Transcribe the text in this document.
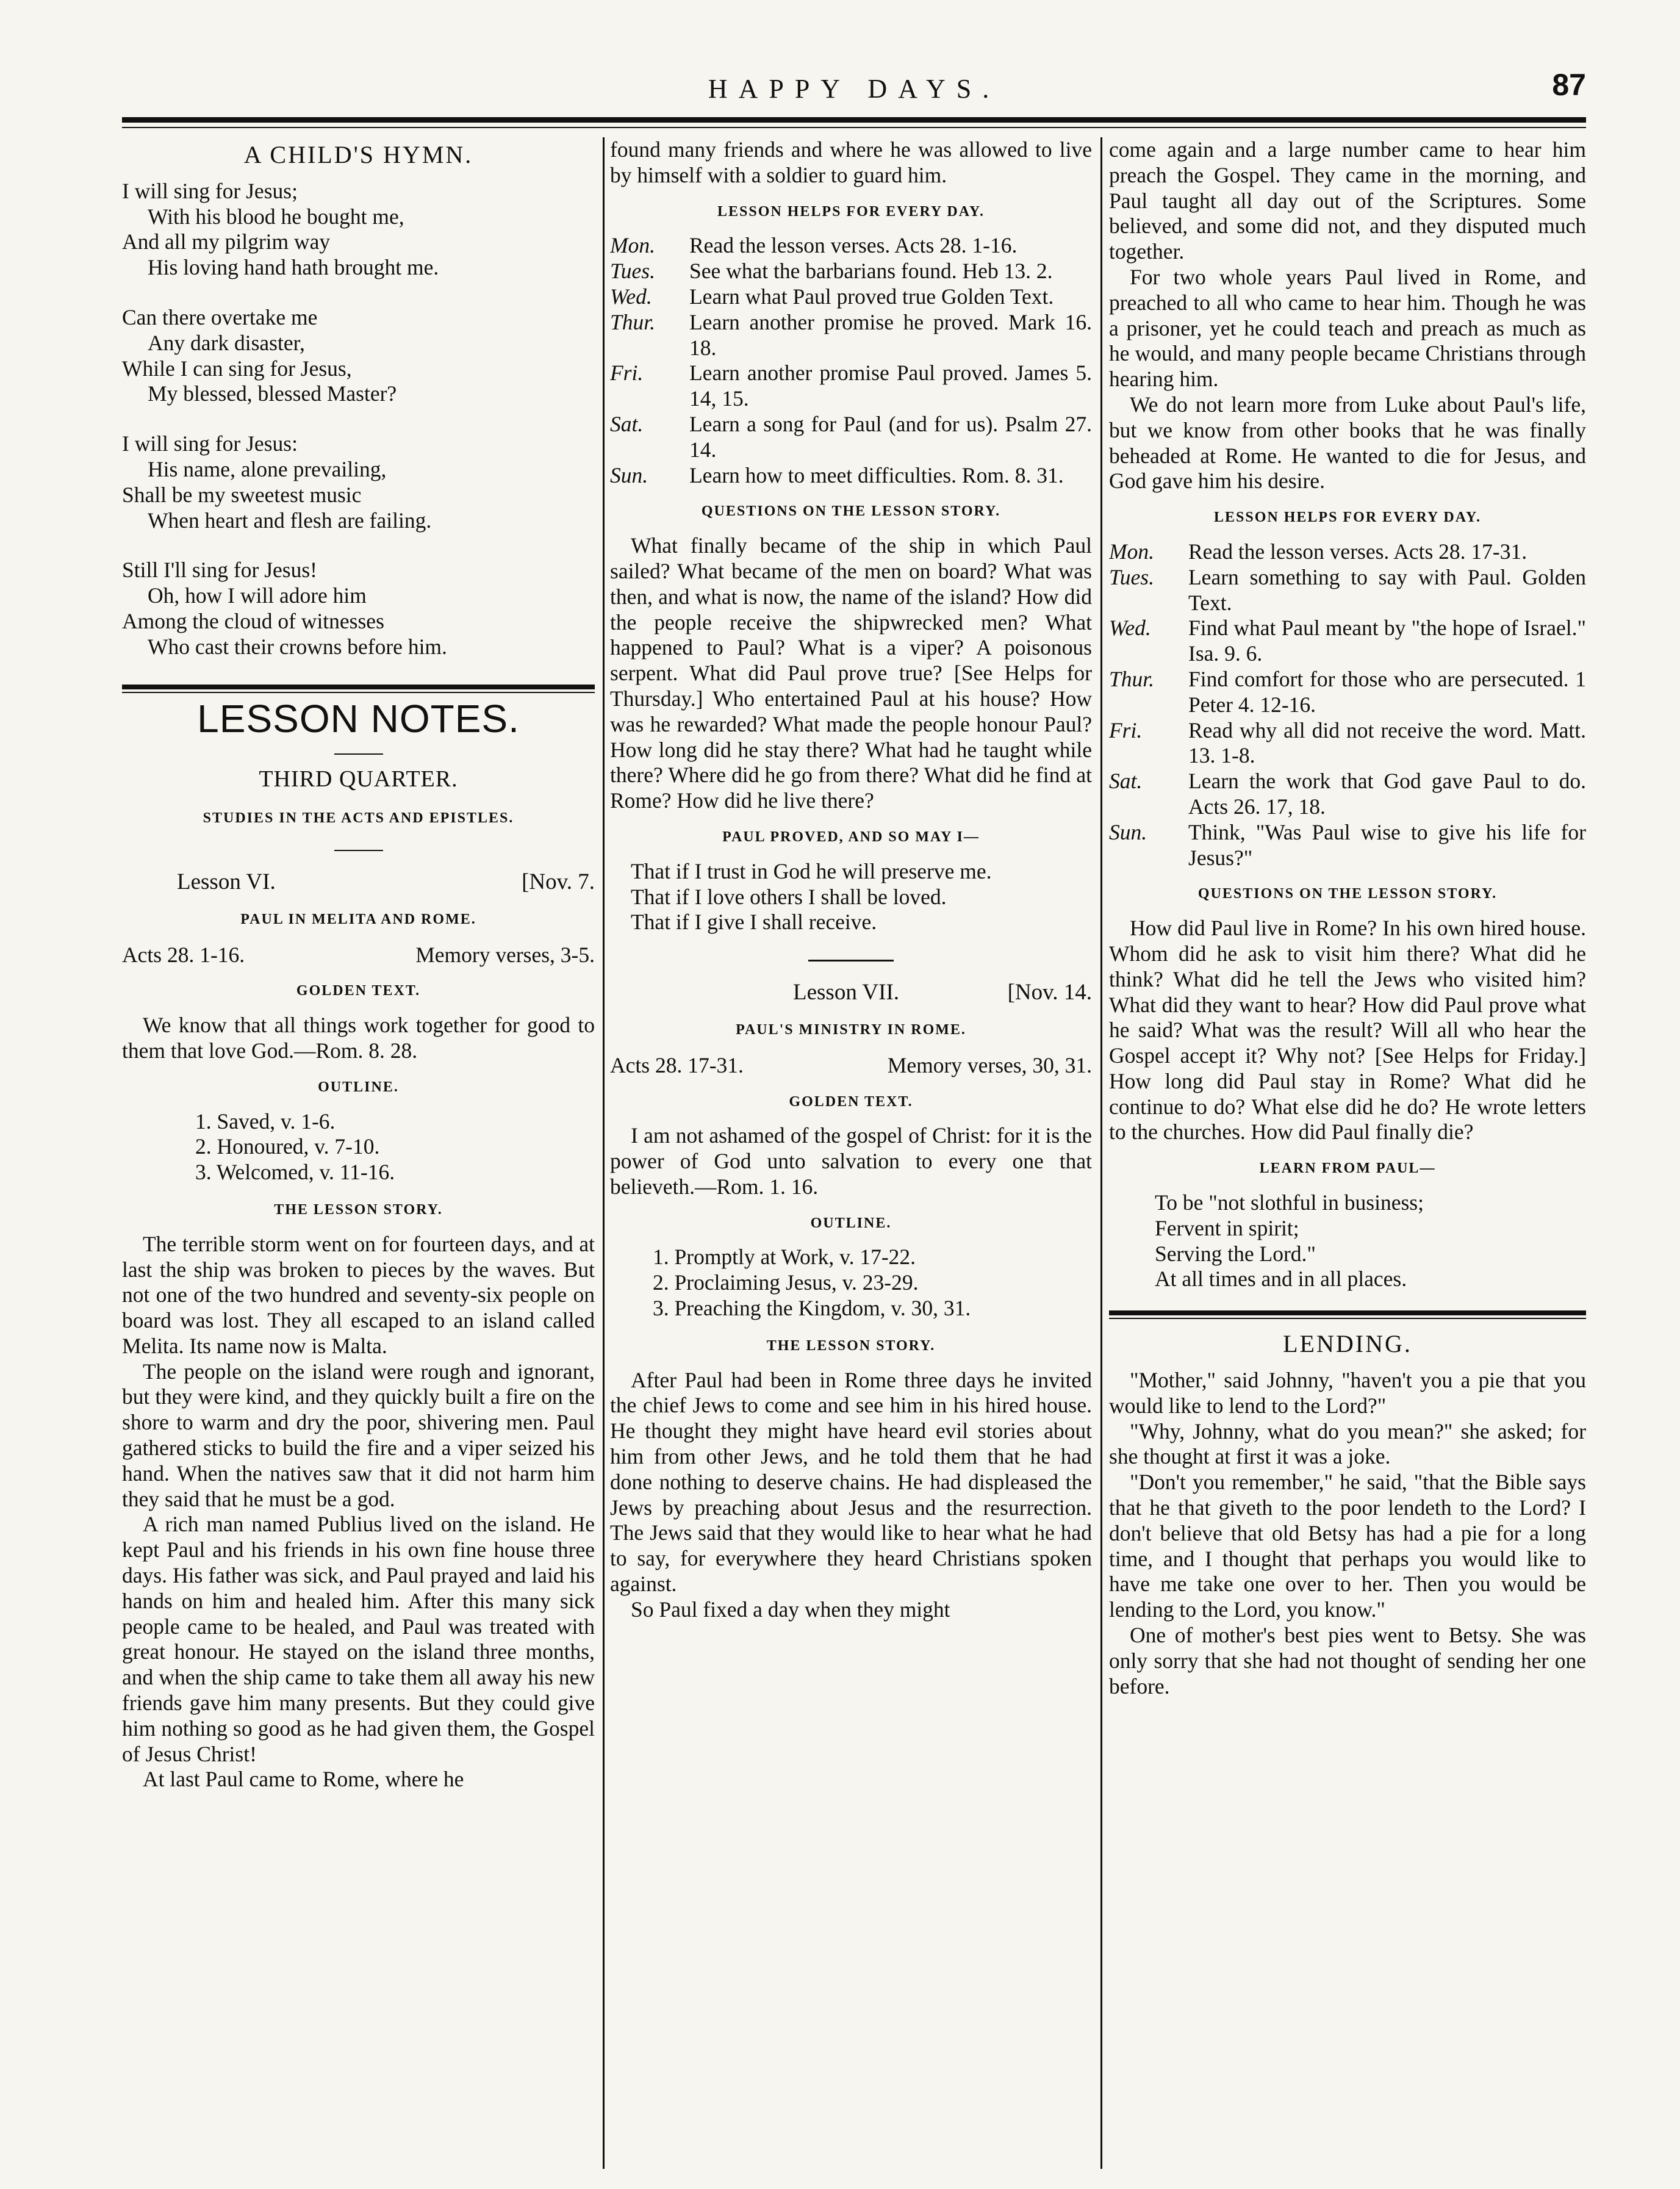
HAPPY DAYS.	87
A CHILD'S HYMN.
I will sing for Jesus;
With his blood he bought me,
And all my pilgrim way
His loving hand hath brought me.
Can there overtake me
Any dark disaster,
While I can sing for Jesus,
My blessed, blessed Master?
I will sing for Jesus:
His name, alone prevailing,
Shall be my sweetest music
When heart and flesh are failing.
Still I'll sing for Jesus!
Oh, how I will adore him
Among the cloud of witnesses
Who cast their crowns before him.
LESSON NOTES.
THIRD QUARTER.
STUDIES IN THE ACTS AND EPISTLES.
Lesson VI.	[Nov. 7.
PAUL IN MELITA AND ROME.
Acts 28. 1-16.	Memory verses, 3-5.
GOLDEN TEXT.

We know that all things work together for good to them that love God.—Rom. 8. 28.

OUTLINE.
1. Saved, v. 1-6.
2. Honoured, v. 7-10.
3. Welcomed, v. 11-16.
THE LESSON STORY.

The terrible storm went on for fourteen days, and at last the ship was broken to pieces by the waves. But not one of the two hundred and seventy-six people on board was lost. They all escaped to an island called Melita. Its name now is Malta.

The people on the island were rough and ignorant, but they were kind, and they quickly built a fire on the shore to warm and dry the poor, shivering men. Paul gathered sticks to build the fire and a viper seized his hand. When the natives saw that it did not harm him they said that he must be a god.

A rich man named Publius lived on the island. He kept Paul and his friends in his own fine house three days. His father was sick, and Paul prayed and laid his hands on him and healed him. After this many sick people came to be healed, and Paul was treated with great honour. He stayed on the island three months, and when the ship came to take them all away his new friends gave him many presents. But they could give him nothing so good as he had given them, the Gospel of Jesus Christ!

At last Paul came to Rome, where he

found many friends and where he was allowed to live by himself with a soldier to guard him.

LESSON HELPS FOR EVERY DAY.
Mon.	Read the lesson verses. Acts 28. 1-16.
Tues.	See what the barbarians found. Heb 13. 2.
Wed.	Learn what Paul proved true Golden Text.
Thur.	Learn another promise he proved. Mark 16. 18.
Fri.	Learn another promise Paul proved. James 5. 14, 15.
Sat.	Learn a song for Paul (and for us). Psalm 27. 14.
Sun.	Learn how to meet difficulties. Rom. 8. 31.
QUESTIONS ON THE LESSON STORY.

What finally became of the ship in which Paul sailed? What became of the men on board? What was then, and what is now, the name of the island? How did the people receive the shipwrecked men? What happened to Paul? What is a viper? A poisonous serpent. What did Paul prove true? [See Helps for Thursday.] Who entertained Paul at his house? How was he rewarded? What made the people honour Paul? How long did he stay there? What had he taught while there? Where did he go from there? What did he find at Rome? How did he live there?

PAUL PROVED, AND SO MAY I—

That if I trust in God he will preserve me.

That if I love others I shall be loved.

That if I give I shall receive.

Lesson VII.	[Nov. 14.
PAUL'S MINISTRY IN ROME.
Acts 28. 17-31.	Memory verses, 30, 31.
GOLDEN TEXT.

I am not ashamed of the gospel of Christ: for it is the power of God unto salvation to every one that believeth.—Rom. 1. 16.

OUTLINE.
1. Promptly at Work, v. 17-22.
2. Proclaiming Jesus, v. 23-29.
3. Preaching the Kingdom, v. 30, 31.
THE LESSON STORY.

After Paul had been in Rome three days he invited the chief Jews to come and see him in his hired house. He thought they might have heard evil stories about him from other Jews, and he told them that he had done nothing to deserve chains. He had displeased the Jews by preaching about Jesus and the resurrection. The Jews said that they would like to hear what he had to say, for everywhere they heard Christians spoken against.

So Paul fixed a day when they might

come again and a large number came to hear him preach the Gospel. They came in the morning, and Paul taught all day out of the Scriptures. Some believed, and some did not, and they disputed much together.

For two whole years Paul lived in Rome, and preached to all who came to hear him. Though he was a prisoner, yet he could teach and preach as much as he would, and many people became Christians through hearing him.

We do not learn more from Luke about Paul's life, but we know from other books that he was finally beheaded at Rome. He wanted to die for Jesus, and God gave him his desire.

LESSON HELPS FOR EVERY DAY.
Mon.	Read the lesson verses. Acts 28. 17-31.
Tues.	Learn something to say with Paul. Golden Text.
Wed.	Find what Paul meant by "the hope of Israel." Isa. 9. 6.
Thur.	Find comfort for those who are persecuted. 1 Peter 4. 12-16.
Fri.	Read why all did not receive the word. Matt. 13. 1-8.
Sat.	Learn the work that God gave Paul to do. Acts 26. 17, 18.
Sun.	Think, "Was Paul wise to give his life for Jesus?"
QUESTIONS ON THE LESSON STORY.

How did Paul live in Rome? In his own hired house. Whom did he ask to visit him there? What did he think? What did he tell the Jews who visited him? What did they want to hear? How did Paul prove what he said? What was the result? Will all who hear the Gospel accept it? Why not? [See Helps for Friday.] How long did Paul stay in Rome? What did he continue to do? What else did he do? He wrote letters to the churches. How did Paul finally die?

LEARN FROM PAUL—
To be "not slothful in business;
Fervent in spirit;
Serving the Lord."
At all times and in all places.
LENDING.

"Mother," said Johnny, "haven't you a pie that you would like to lend to the Lord?"

"Why, Johnny, what do you mean?" she asked; for she thought at first it was a joke.

"Don't you remember," he said, "that the Bible says that he that giveth to the poor lendeth to the Lord? I don't believe that old Betsy has had a pie for a long time, and I thought that perhaps you would like to have me take one over to her. Then you would be lending to the Lord, you know."

One of mother's best pies went to Betsy. She was only sorry that she had not thought of sending her one before.
